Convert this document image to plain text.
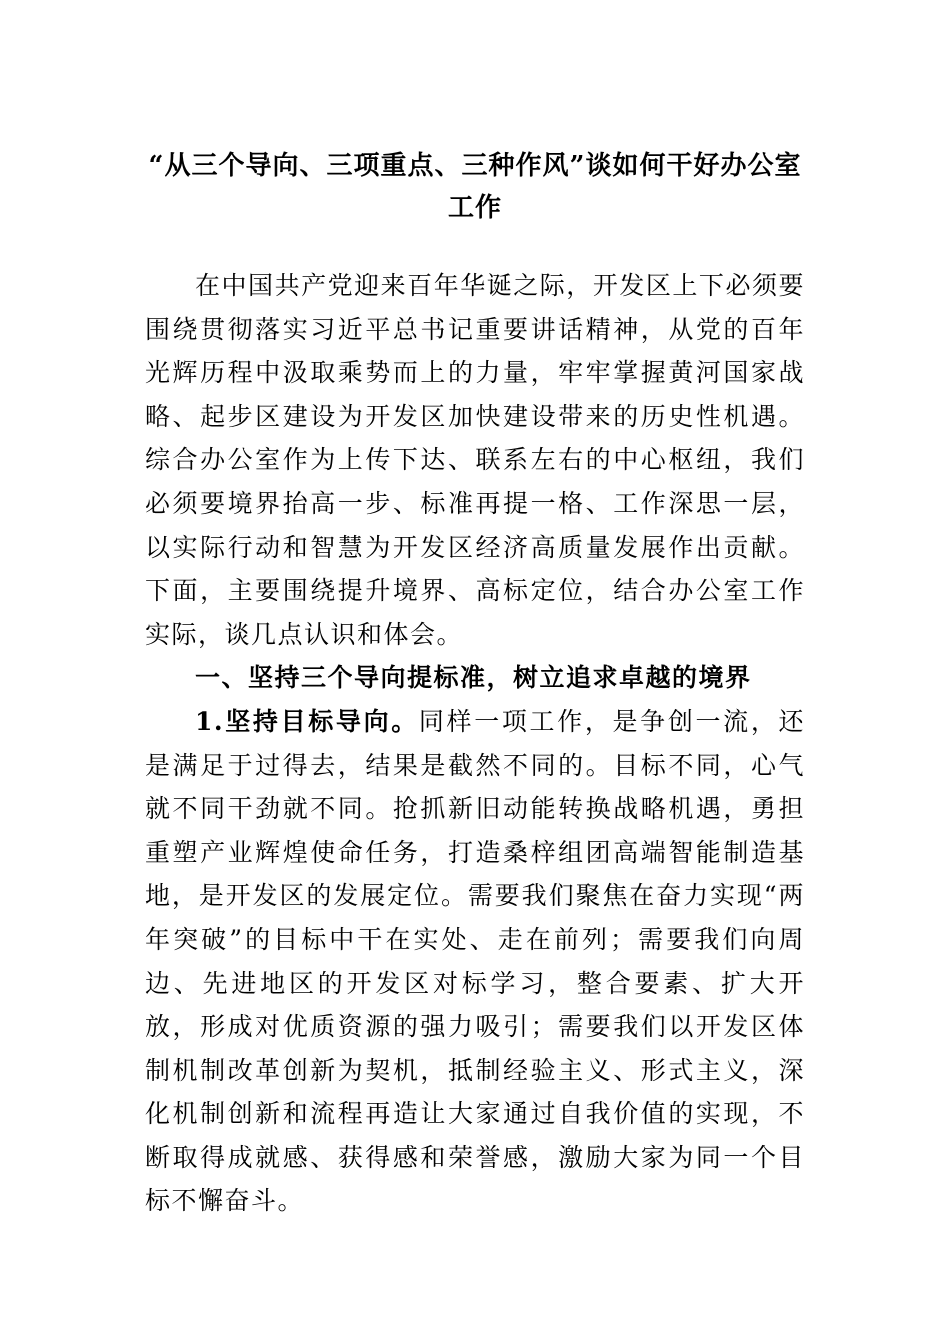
“从三个导向、三项重点、三种作风”谈如何干好办公室
工作

在中国共产党迎来百年华诞之际，开发区上下必须要围绕贯彻落实习近平总书记重要讲话精神，从党的百年光辉历程中汲取乘势而上的力量，牢牢掌握黄河国家战略、起步区建设为开发区加快建设带来的历史性机遇。综合办公室作为上传下达、联系左右的中心枢纽，我们必须要境界抬高一步、标准再提一格、工作深思一层，以实际行动和智慧为开发区经济高质量发展作出贡献。下面，主要围绕提升境界、高标定位，结合办公室工作实际，谈几点认识和体会。

一、坚持三个导向提标准，树立追求卓越的境界

1.坚持目标导向。同样一项工作，是争创一流，还是满足于过得去，结果是截然不同的。目标不同，心气就不同干劲就不同。抢抓新旧动能转换战略机遇，勇担重塑产业辉煌使命任务，打造桑梓组团高端智能制造基地，是开发区的发展定位。需要我们聚焦在奋力实现“两年突破”的目标中干在实处、走在前列；需要我们向周边、先进地区的开发区对标学习，整合要素、扩大开放，形成对优质资源的强力吸引；需要我们以开发区体制机制改革创新为契机，抵制经验主义、形式主义，深化机制创新和流程再造让大家通过自我价值的实现，不断取得成就感、获得感和荣誉感，激励大家为同一个目标不懈奋斗。
